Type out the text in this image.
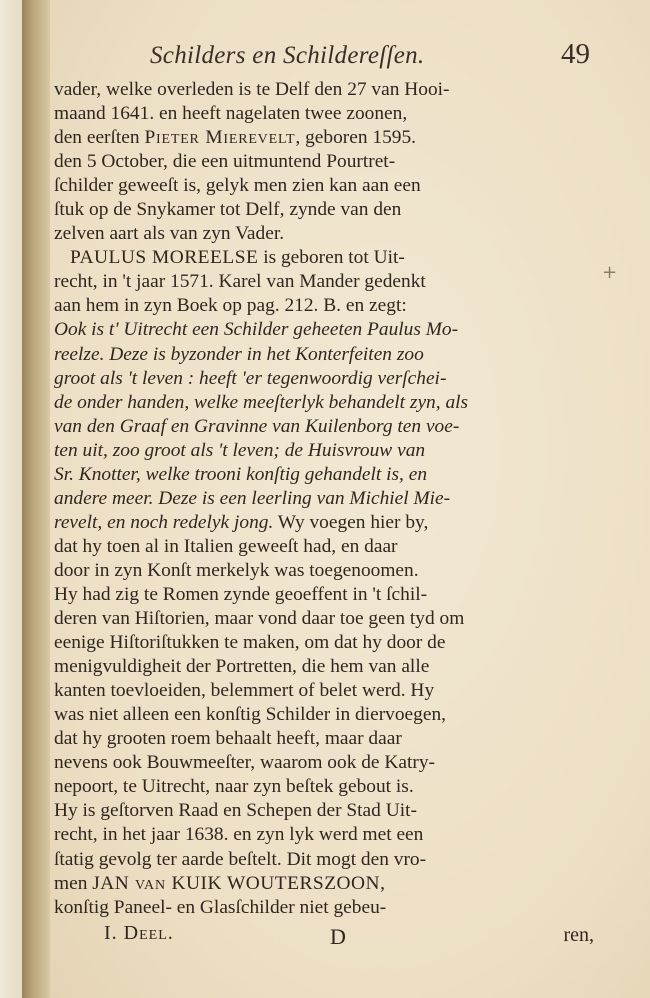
Schilders en Schildereſſen.	49
vader, welke overleden is te Delf den 27 van Hooi-
maand 1641. en heeft nagelaten twee zoonen,
den eerſten Pieter Mierevelt, geboren 1595.
den 5 October, die een uitmuntend Pourtret-
ſchilder geweeſt is, gelyk men zien kan aan een
ſtuk op de Snykamer tot Delf, zynde van den
zelven aart als van zyn Vader.
PAULUS MOREELSE is geboren tot Uit-
recht, in 't jaar 1571. Karel van Mander gedenkt
aan hem in zyn Boek op pag. 212. B. en zegt:
Ook is t' Uitrecht een Schilder geheeten Paulus Mo-
reelze. Deze is byzonder in het Konterfeiten zoo
groot als 't leven : heeft 'er tegenwoordig verſchei-
de onder handen, welke meeſterlyk behandelt zyn, als
van den Graaf en Gravinne van Kuilenborg ten voe-
ten uit, zoo groot als 't leven; de Huisvrouw van
Sr. Knotter, welke trooni konſtig gehandelt is, en
andere meer. Deze is een leerling van Michiel Mie-
revelt, en noch redelyk jong. Wy voegen hier by,
dat hy toen al in Italien geweeſt had, en daar
door in zyn Konſt merkelyk was toegenoomen.
Hy had zig te Romen zynde geoeffent in 't ſchil-
deren van Hiſtorien, maar vond daar toe geen tyd om
eenige Hiſtoriſtukken te maken, om dat hy door de
menigvuldigheit der Portretten, die hem van alle
kanten toevloeiden, belemmert of belet werd. Hy
was niet alleen een konſtig Schilder in diervoegen,
dat hy grooten roem behaalt heeft, maar daar
nevens ook Bouwmeeſter, waarom ook de Katry-
nepoort, te Uitrecht, naar zyn beſtek gebout is.
Hy is geſtorven Raad en Schepen der Stad Uit-
recht, in het jaar 1638. en zyn lyk werd met een
ſtatig gevolg ter aarde beſtelt. Dit mogt den vro-
men JAN van KUIK WOUTERSZOON,
konſtig Paneel- en Glasſchilder niet gebeu-
+
I. Deel.	D	ren,
